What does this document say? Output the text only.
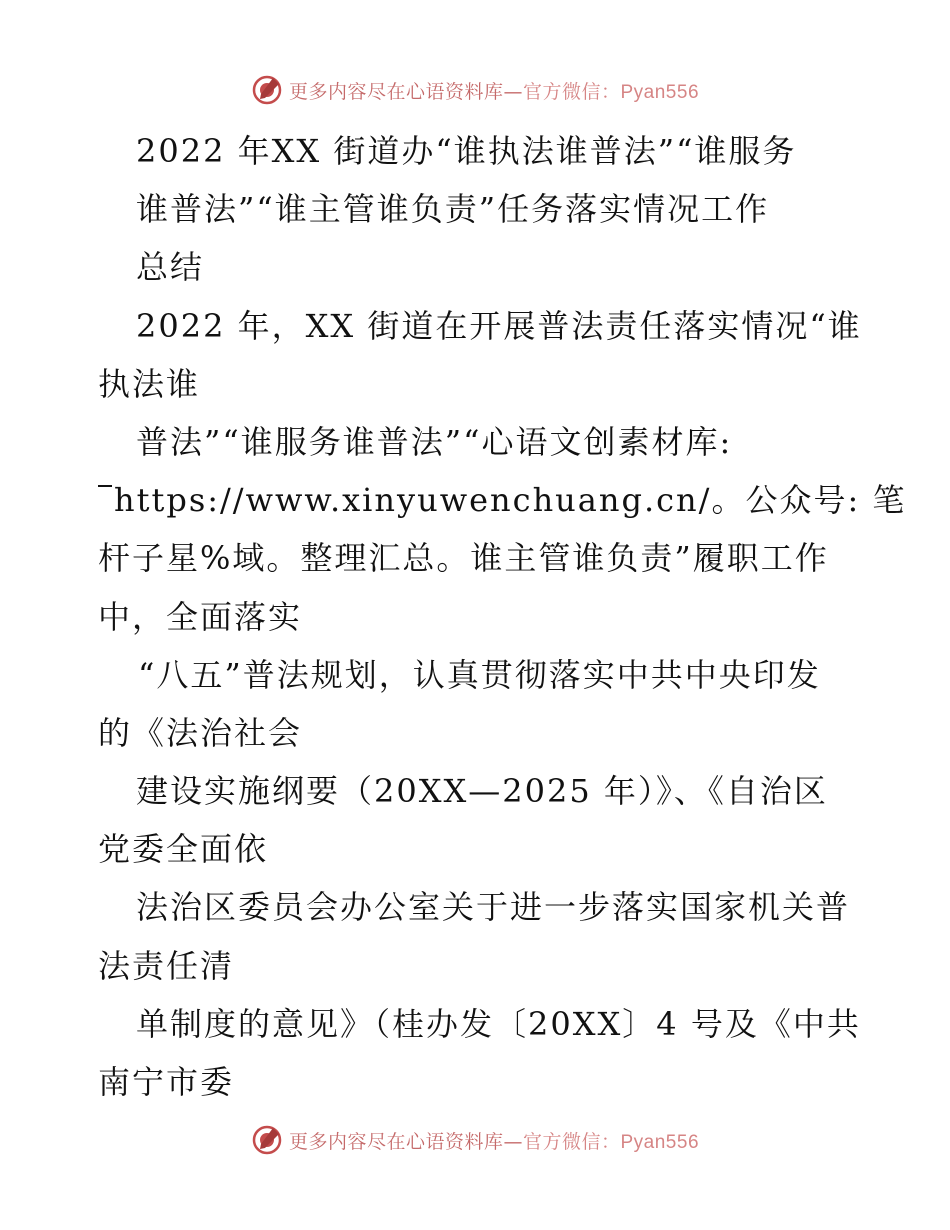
更多内容尽在心语资料库— 官方微信：Pyan556
2022 年XX 街道办“谁执法谁普法”“谁服务
谁普法”“谁主管谁负责”任务落实情况工作
总结
2022 年，XX 街道在开展普法责任落实情况“谁
执法谁
普法”“谁服务谁普法”“心语文创素材库:
https://www.xinyuwenchuang.cn/。公众号: 笔
杆子星%域。整理汇总。谁主管谁负责”履职工作
中，全面落实
“八五”普法规划，认真贯彻落实中共中央印发
的《法治社会
建设实施纲要（20XX—2025 年）》、《自治区
党委全面依
法治区委员会办公室关于进一步落实国家机关普
法责任清
单制度的意见》（桂办发〔20XX〕4 号及《中共
南宁市委
更多内容尽在心语资料库— 官方微信：Pyan556
